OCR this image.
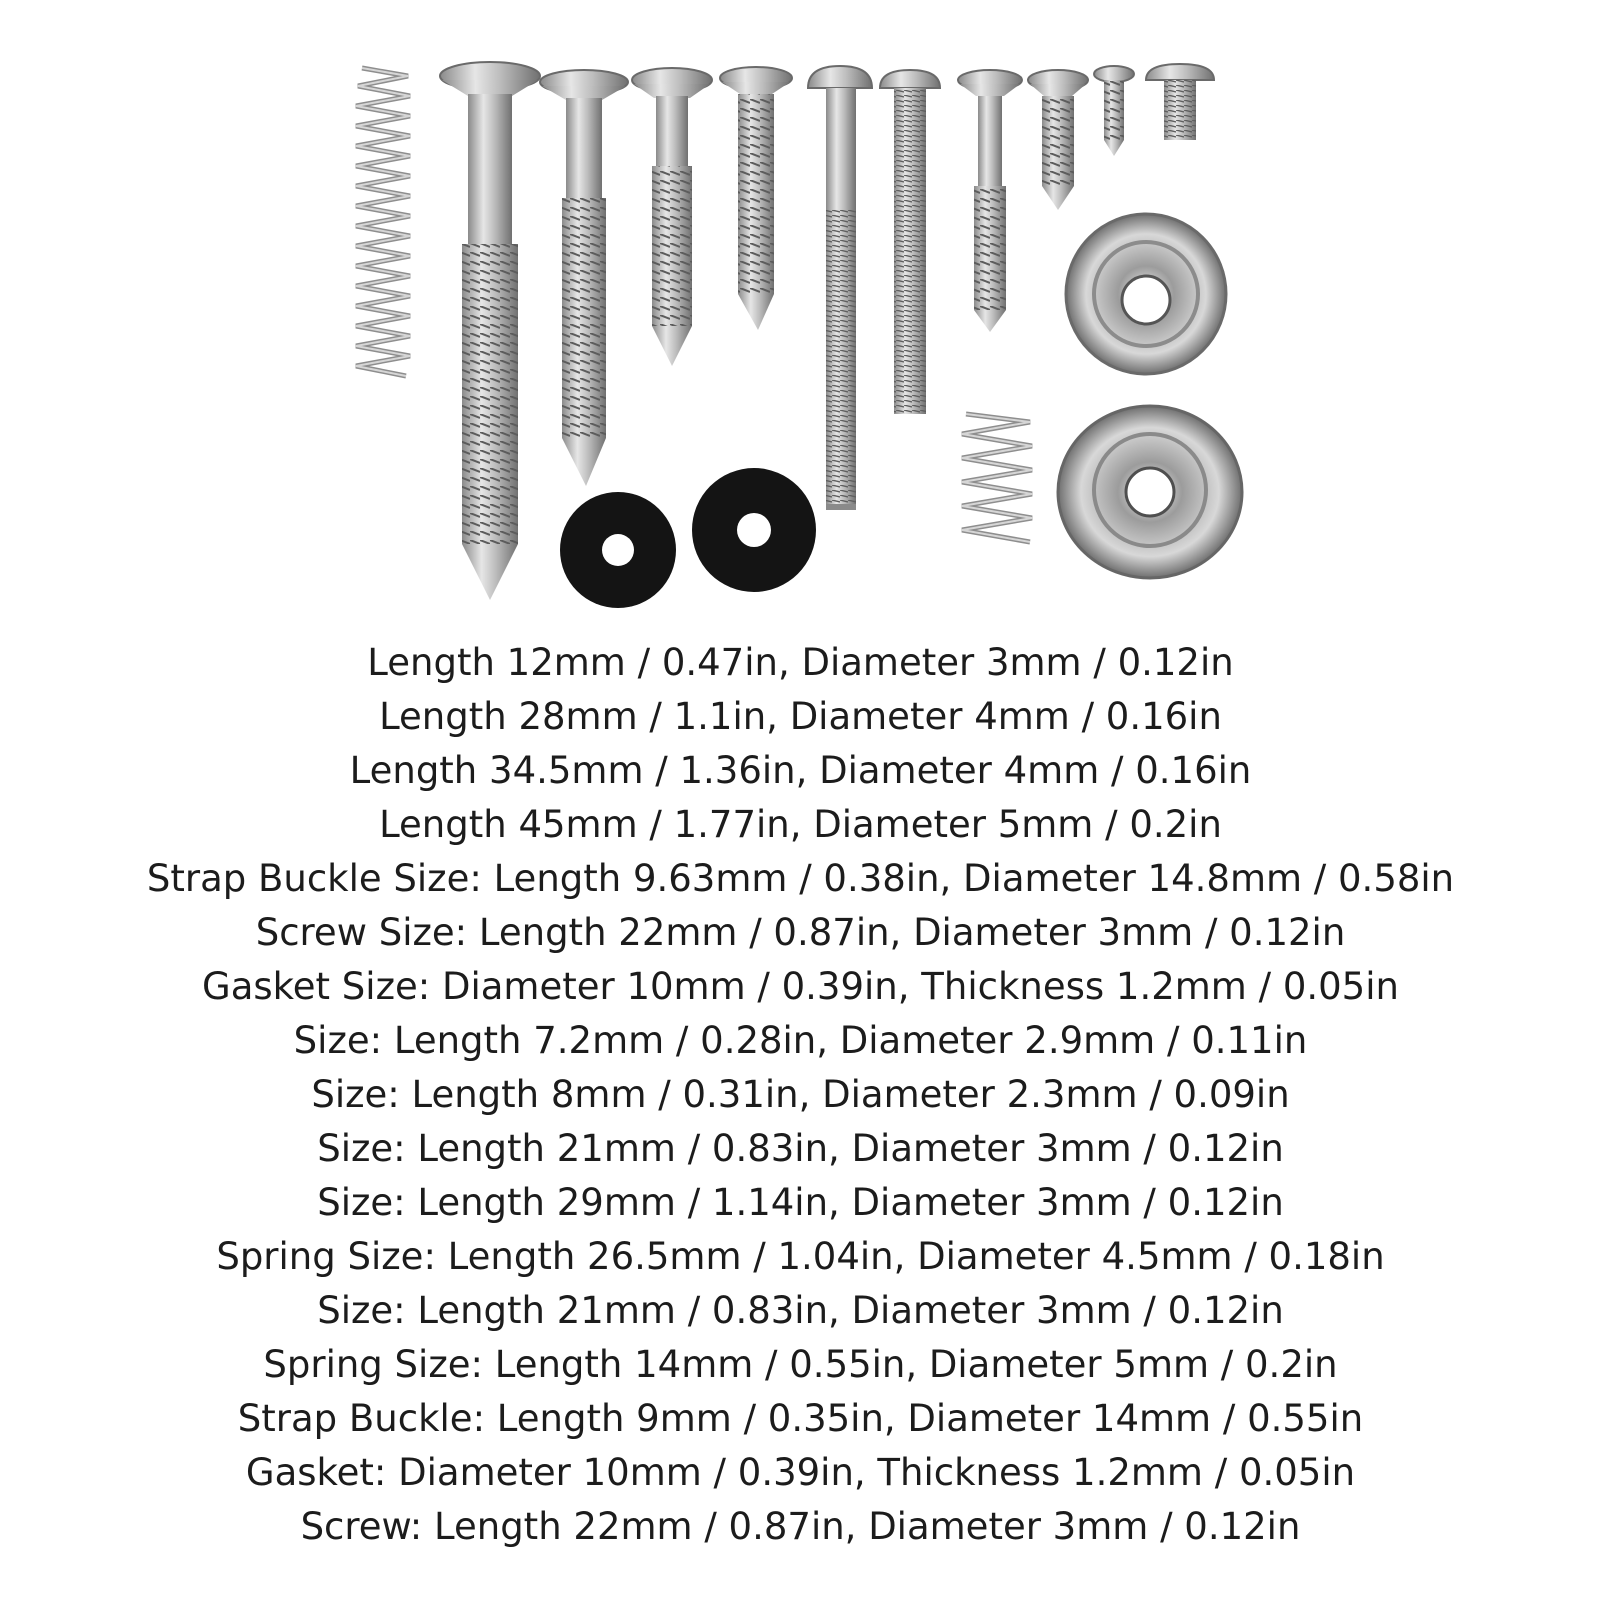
Length 12mm / 0.47in, Diameter 3mm / 0.12in
Length 28mm / 1.1in, Diameter 4mm / 0.16in
Length 34.5mm / 1.36in, Diameter 4mm / 0.16in
Length 45mm / 1.77in, Diameter 5mm / 0.2in
Strap Buckle Size: Length 9.63mm / 0.38in, Diameter 14.8mm / 0.58in
Screw Size: Length 22mm / 0.87in, Diameter 3mm / 0.12in
Gasket Size: Diameter 10mm / 0.39in, Thickness 1.2mm / 0.05in
Size: Length 7.2mm / 0.28in, Diameter 2.9mm / 0.11in
Size: Length 8mm / 0.31in, Diameter 2.3mm / 0.09in
Size: Length 21mm / 0.83in, Diameter 3mm / 0.12in
Size: Length 29mm / 1.14in, Diameter 3mm / 0.12in
Spring Size: Length 26.5mm / 1.04in, Diameter 4.5mm / 0.18in
Size: Length 21mm / 0.83in, Diameter 3mm / 0.12in
Spring Size: Length 14mm / 0.55in, Diameter 5mm / 0.2in
Strap Buckle: Length 9mm / 0.35in, Diameter 14mm / 0.55in
Gasket: Diameter 10mm / 0.39in, Thickness 1.2mm / 0.05in
Screw: Length 22mm / 0.87in, Diameter 3mm / 0.12in
